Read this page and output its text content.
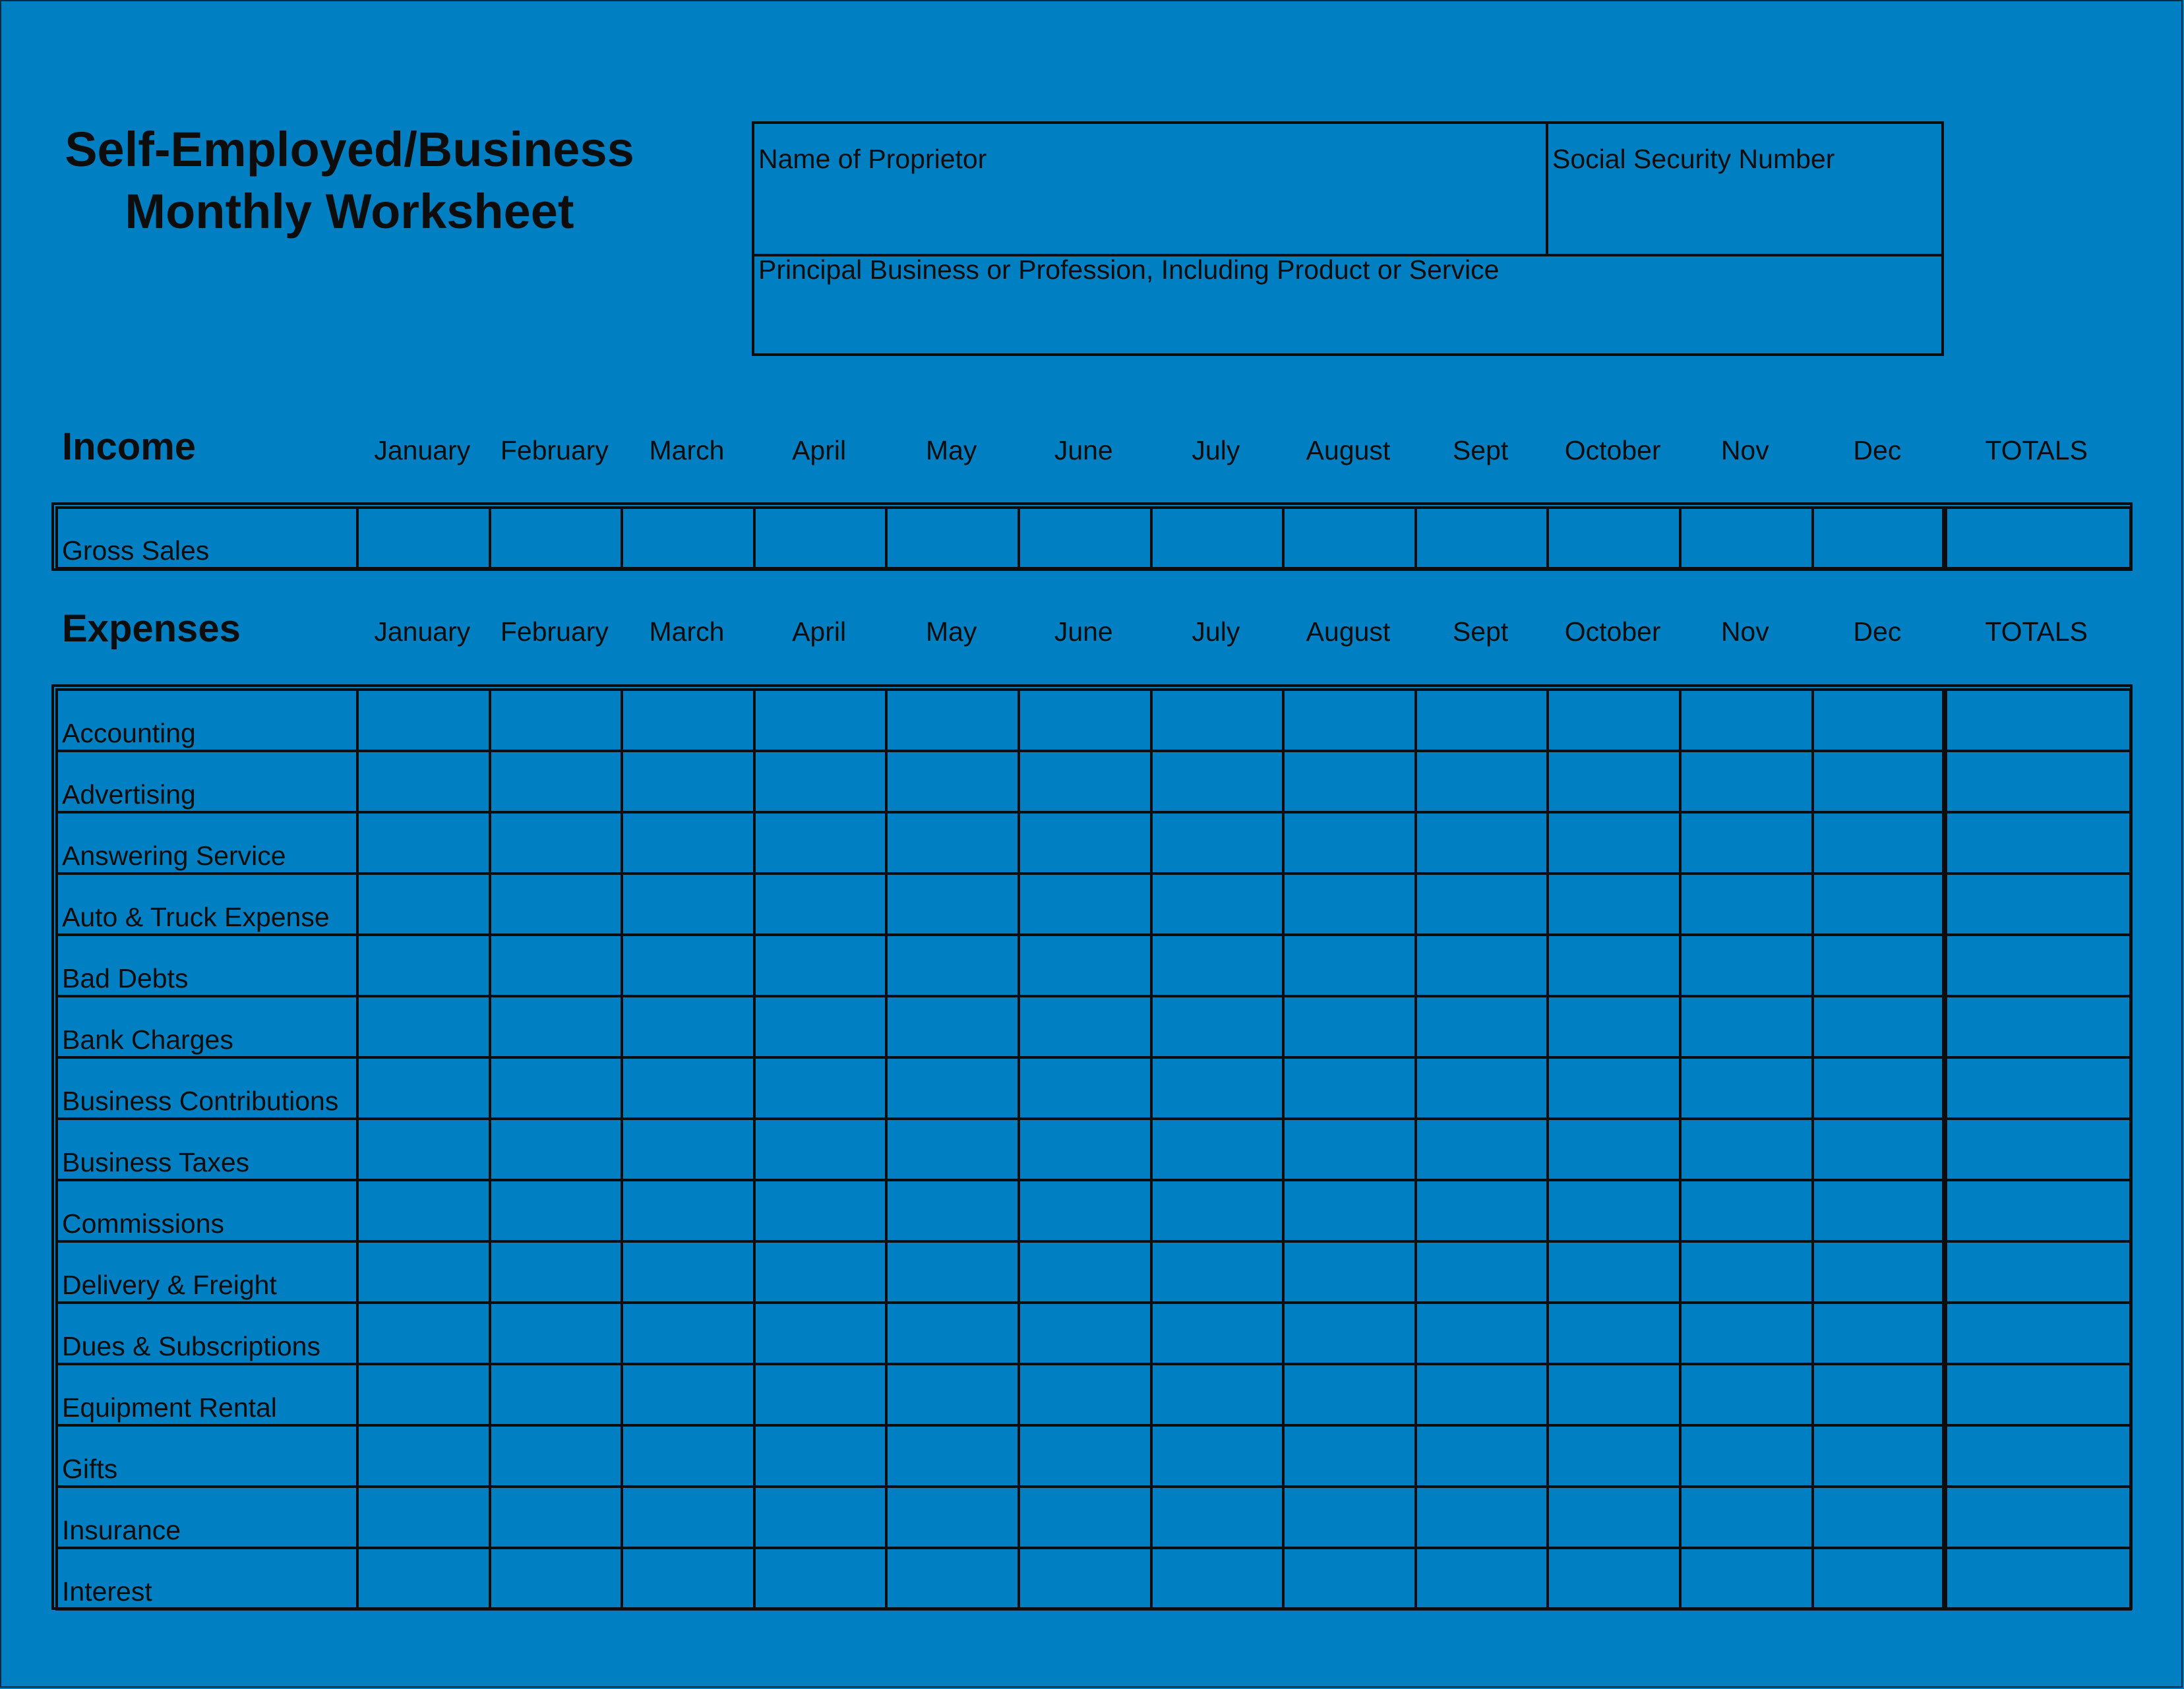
Self-Employed/Business
Monthly Worksheet
Name of Proprietor	Social Security Number
Principal Business or Profession, Including Product or Service
Income	January	February	March	April	May	June	July	August	Sept	October	Nov	Dec	TOTALS
Gross Sales													
Expenses	January	February	March	April	May	June	July	August	Sept	October	Nov	Dec	TOTALS
Accounting													
Advertising													
Answering Service													
Auto & Truck Expense													
Bad Debts													
Bank Charges													
Business Contributions													
Business Taxes													
Commissions													
Delivery & Freight													
Dues & Subscriptions													
Equipment Rental													
Gifts													
Insurance													
Interest													
